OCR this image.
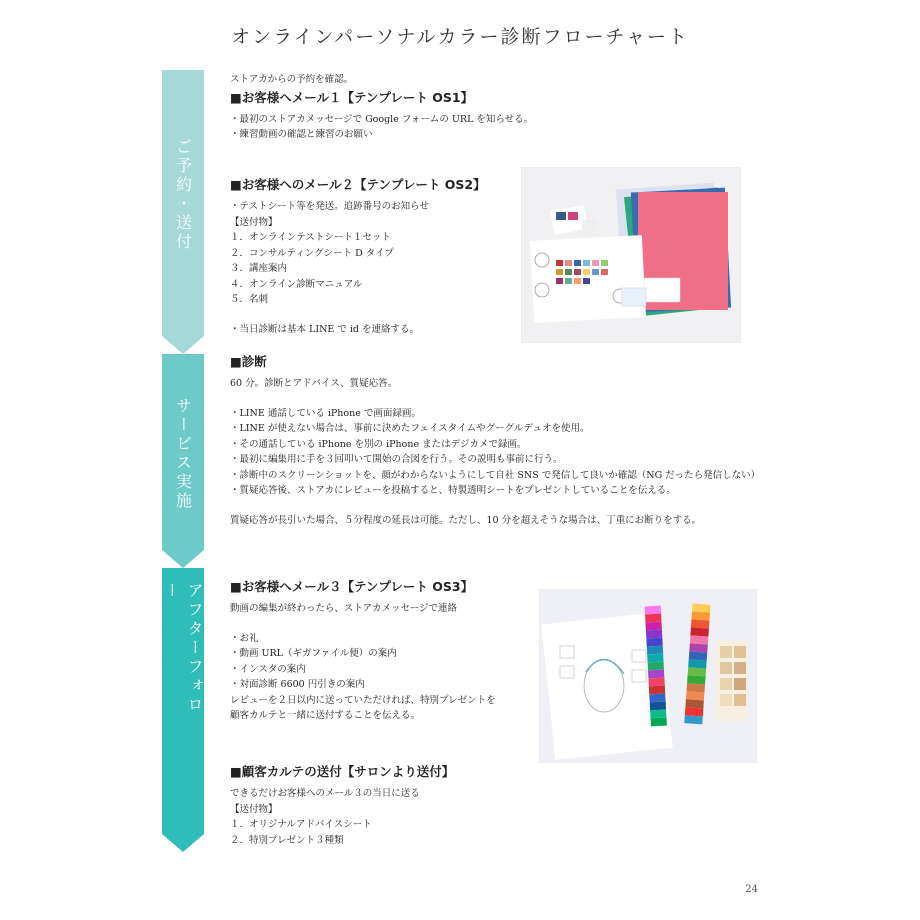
オンラインパーソナルカラー診断フローチャート
ご予約・送付
サービス実施
アフターフォロー

ストアカからの予約を確認。

■お客様へメール１【テンプレート OS1】

・最初のストアカメッセージで Google フォームの URL を知らせる。

・練習動画の確認と練習のお願い

■お客様へのメール２【テンプレート OS2】

・テストシート等を発送。追跡番号のお知らせ

【送付物】

１．オンラインテストシート１セット

２．コンサルティングシート D タイプ

３．講座案内

４．オンライン診断マニュアル

５．名刺

・当日診断は基本 LINE で id を連絡する。

■診断

60 分。診断とアドバイス、質疑応答。

・LINE 通話している iPhone で画面録画。

・LINE が使えない場合は、事前に決めたフェイスタイムやグーグルデュオを使用。

・その通話している iPhone を別の iPhone またはデジカメで録画。

・最初に編集用に手を３回叩いて開始の合図を行う。その説明も事前に行う。

・診断中のスクリーンショットを、顔がわからないようにして自社 SNS で発信して良いか確認（NG だったら発信しない）

・質疑応答後、ストアカにレビューを投稿すると、特製透明シートをプレゼントしていることを伝える。

質疑応答が長引いた場合、５分程度の延長は可能。ただし、10 分を超えそうな場合は、丁重にお断りをする。

■お客様へメール３【テンプレート OS3】

動画の編集が終わったら、ストアカメッセージで連絡

・お礼

・動画 URL（ギガファイル便）の案内

・インスタの案内

・対面診断 6600 円引きの案内

レビューを２日以内に送っていただければ、特別プレゼントを

顧客カルテと一緒に送付することを伝える。

■顧客カルテの送付【サロンより送付】

できるだけお客様へのメール３の当日に送る

【送付物】

１．オリジナルアドバイスシート

２．特別プレゼント３種類

24
